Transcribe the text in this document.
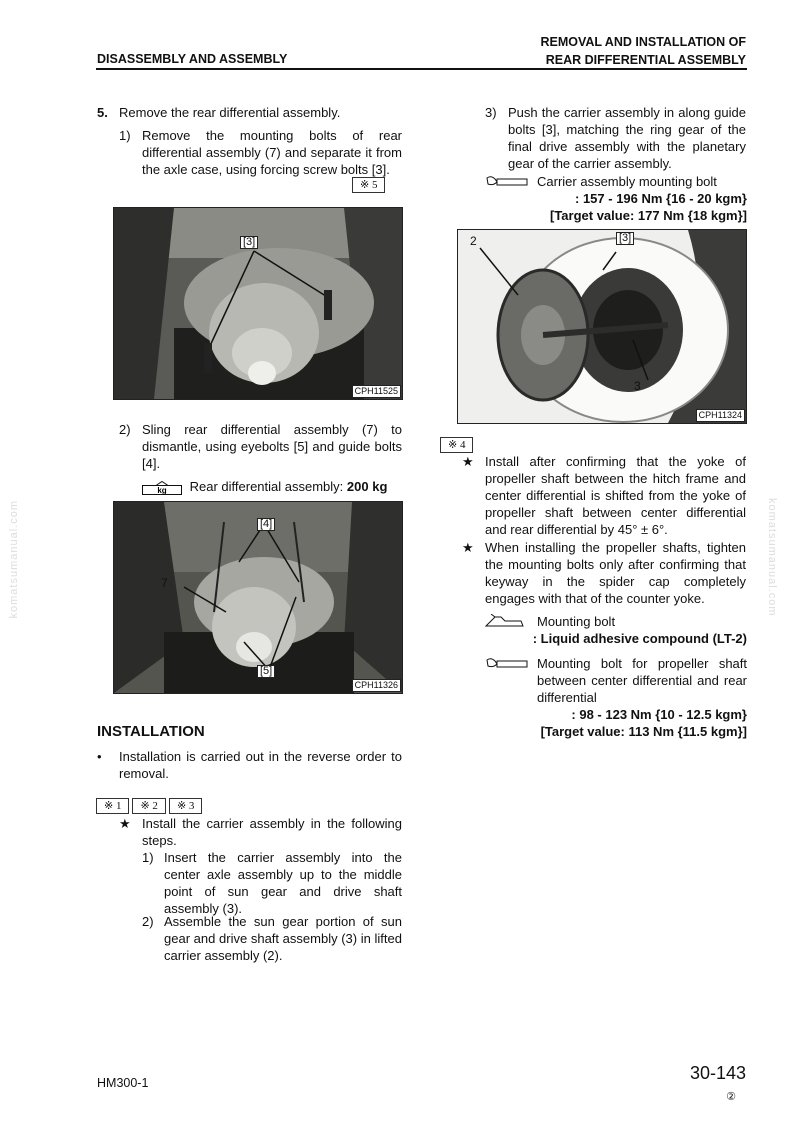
DISASSEMBLY AND ASSEMBLY
REMOVAL AND INSTALLATION OF
REAR DIFFERENTIAL ASSEMBLY
komatsumanual.com	komatsumanual.com
5. Remove the rear differential assembly.
1) Remove the mounting bolts of rear differential assembly (7) and separate it from the axle case, using forcing screw bolts [3].
※ 5
CPH11525
[3]
2) Sling rear differential assembly (7) to dismantle, using eyebolts [5] and guide bolts [4].
kg Rear differential assembly: 200 kg
CPH11326
[4]
7
[5]
INSTALLATION
• Installation is carried out in the reverse order to removal.
※ 1 ※ 2 ※ 3
★ Install the carrier assembly in the following steps.
1) Insert the carrier assembly into the center axle assembly up to the middle point of sun gear and drive shaft assembly (3).
2) Assemble the sun gear portion of sun gear and drive shaft assembly (3) in lifted carrier assembly (2).
3) Push the carrier assembly in along guide bolts [3], matching the ring gear of the final drive assembly with the planetary gear of the carrier assembly.
Carrier assembly mounting bolt
: 157 - 196 Nm {16 - 20 kgm}
[Target value: 177 Nm {18 kgm}]
CPH11324
2	[3]
3
※ 4
★ Install after confirming that the yoke of propeller shaft between the hitch frame and center differential is shifted from the yoke of propeller shaft between center differential and rear differential by 45° ± 6°.
★ When installing the propeller shafts, tighten the mounting bolts only after confirming that keyway in the spider cap completely engages with that of the counter yoke.
Mounting bolt
: Liquid adhesive compound (LT-2)
Mounting bolt for propeller shaft between center differential and rear differential
: 98 - 123 Nm {10 - 12.5 kgm}
[Target value: 113 Nm {11.5 kgm}]
HM300-1	30-143
②
